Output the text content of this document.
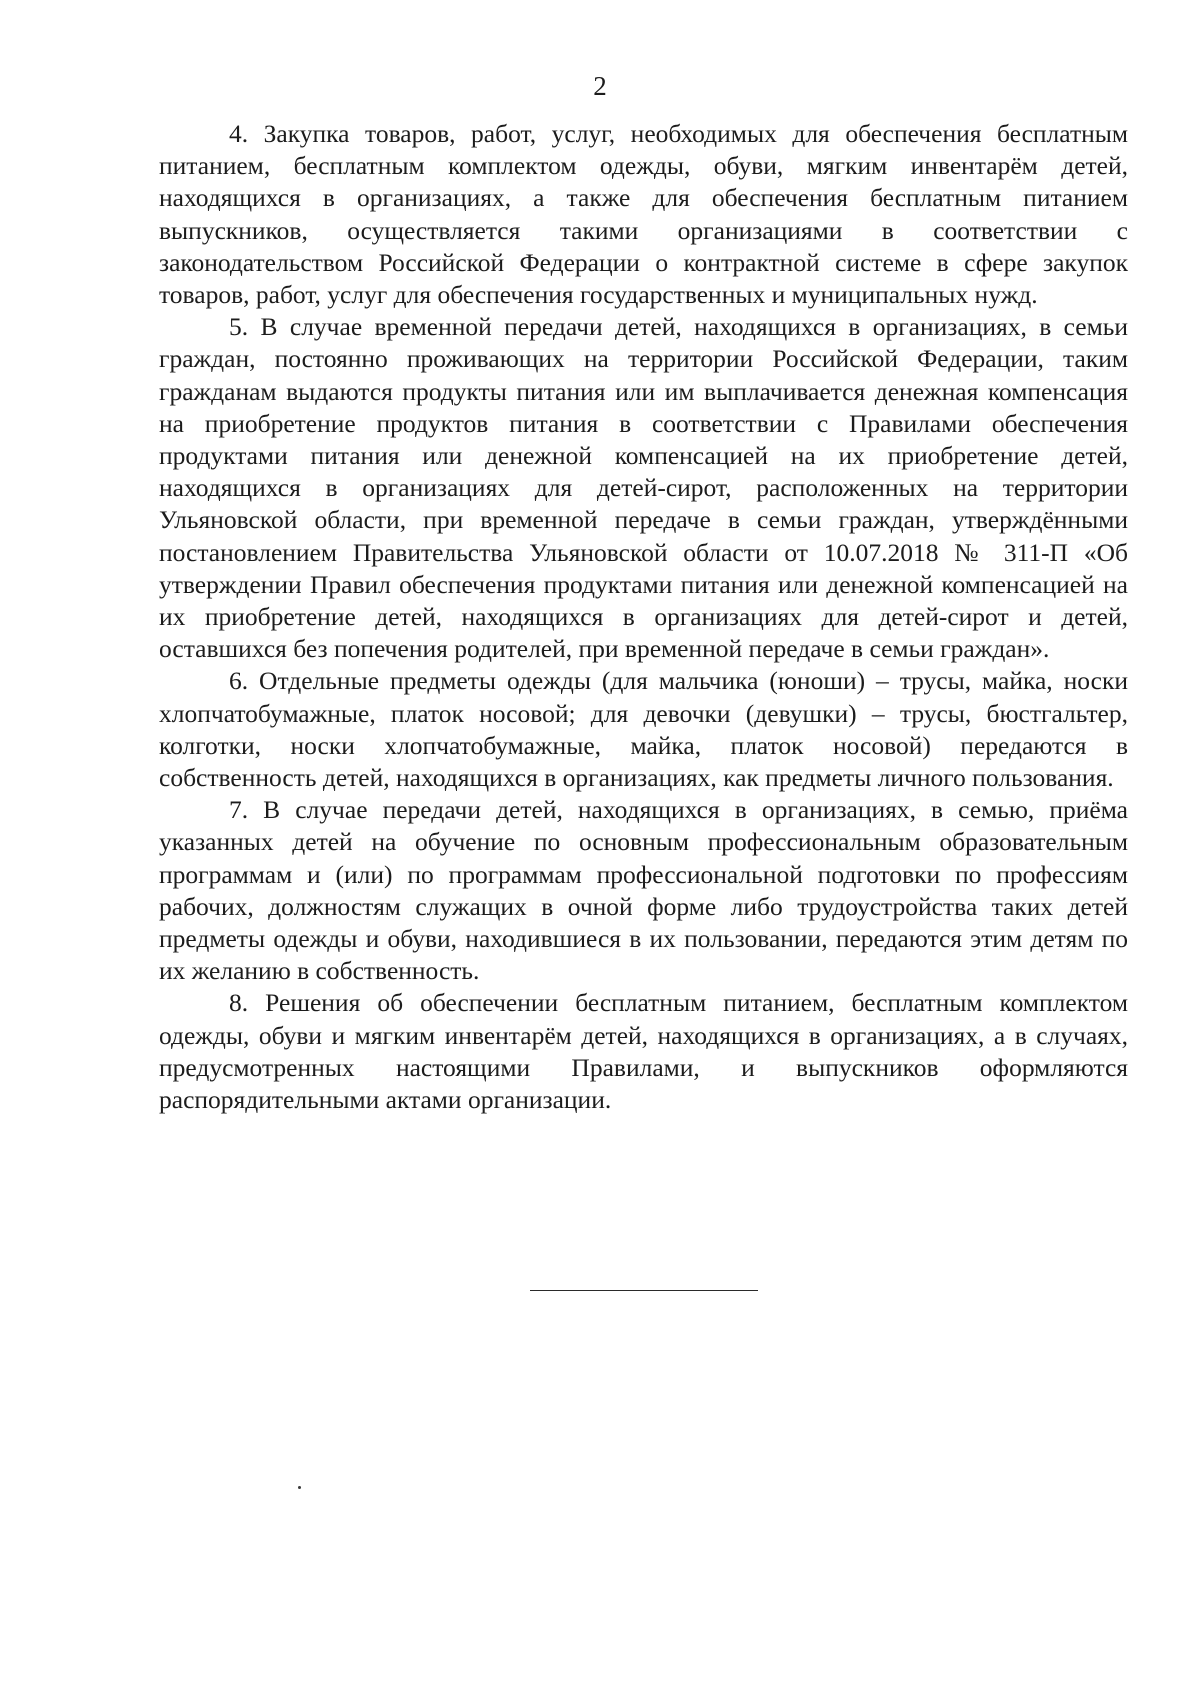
2

4. Закупка товаров, работ, услуг, необходимых для обеспечения бесплатным питанием, бесплатным комплектом одежды, обуви, мягким инвентарём детей, находящихся в организациях, а также для обеспечения бесплатным питанием выпускников, осуществляется такими организациями в соответствии с законодательством Российской Федерации о контрактной системе в сфере закупок товаров, работ, услуг для обеспечения государственных и муниципальных нужд.

5. В случае временной передачи детей, находящихся в организациях, в семьи граждан, постоянно проживающих на территории Российской Федерации, таким гражданам выдаются продукты питания или им выплачивается денежная компенсация на приобретение продуктов питания в соответствии с Правилами обеспечения продуктами питания или денежной компенсацией на их приобретение детей, находящихся в организациях для детей-сирот, расположенных на территории Ульяновской области, при временной передаче в семьи граждан, утверждёнными постановлением Правительства Ульяновской области от 10.07.2018 № 311-П «Об утверждении Правил обеспечения продуктами питания или денежной компенсацией на их приобретение детей, находящихся в организациях для детей-сирот и детей, оставшихся без попечения родителей, при временной передаче в семьи граждан».

6. Отдельные предметы одежды (для мальчика (юноши) – трусы, майка, носки хлопчатобумажные, платок носовой; для девочки (девушки) – трусы, бюстгальтер, колготки, носки хлопчатобумажные, майка, платок носовой) передаются в собственность детей, находящихся в организациях, как предметы личного пользования.

7. В случае передачи детей, находящихся в организациях, в семью, приёма указанных детей на обучение по основным профессиональным образовательным программам и (или) по программам профессиональной подготовки по профессиям рабочих, должностям служащих в очной форме либо трудоустройства таких детей предметы одежды и обуви, находившиеся в их пользовании, передаются этим детям по их желанию в собственность.

8. Решения об обеспечении бесплатным питанием, бесплатным комплектом одежды, обуви и мягким инвентарём детей, находящихся в организациях, а в случаях, предусмотренных настоящими Правилами, и выпускников оформляются распорядительными актами организации.
